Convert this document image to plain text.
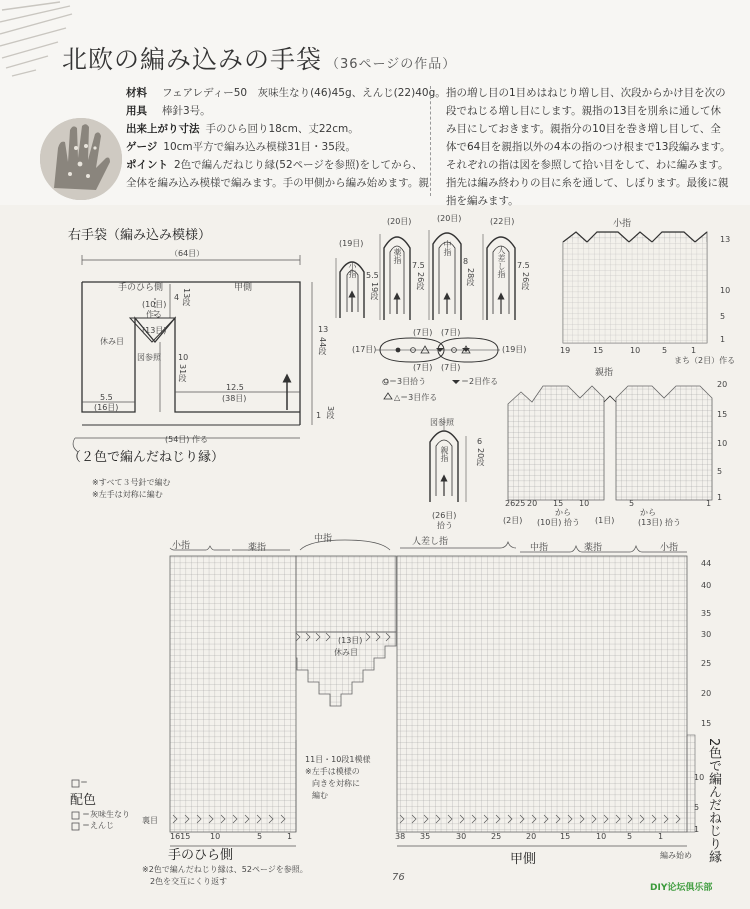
北欧の編み込みの手袋 （36ページの作品）
材料 フェアレディー50　灰味生なり(46)45g、えんじ(22)40g。
用具 棒針3号。
出来上がり寸法 手のひら回り18cm、丈22cm。
ゲージ 10cm平方で編み込み模様31目・35段。
ポイント 2色で編んだねじり縁(52ページを参照)をしてから、
全体を編み込み模様で編みます。手の甲側から編み始めます。親
指の増し目の1目めはねじり増し目、次段からかけ目を次の段でねじる増し目にします。親指の13目を別糸に通して休み目にしておきます。親指分の10目を巻き増し目して、全体で64目を親指以外の4本の指のつけ根まで13段編みます。それぞれの指は図を参照して拾い目をして、わに編みます。指先は編み終わりの目に糸を通して、しぼります。最後に親指を編みます。
右手袋（編み込み模様）
（64目）
手のひら側	甲側
(10目)
作る
4 13段
(13目)
休み目
図参照 10
31段
13
44段
5.5
(16目)
12.5
(38目)
1
3段
(54目) 作る
（２色で編んだねじり縁）
※すべて３号針で編む
※左手は対称に編む
(19目)
(20目)	(20目)	(22目)
小指
薬指	中指	人差し指
5.5
19段
7.5
26段
8
28段
7.5
26段
(7目) (7目)
(17目)	(19目)
(7目) (7目)
○＝3目拾う	＝2目作る
△＝3目作る
図参照
親指
6
20段
(26目)
拾う
小指
19	15	10	5	1
13
10
5
1
まち（2目）作る
親指
2625 20 15 10	5	1
20
15
10
5
1
から	から
(2目) (10目) 拾う (1目)	(13目) 拾う
小指	薬指
中指	人差し指
中指	薬指	小指
(13目)
休み目
44
40
35
30
25
20
15
10
5
1 2色で編んだねじり縁
編み始め
裏目
1615 10	5	1	38 35	30	25	20	15	10	5	1
11目・10段1模様
※左手は模様の
向きを対称に
編む
手のひら側	甲側
※2色で編んだねじり縁は、52ページを参照。
2色を交互にくり返す
＝
配色
＝灰味生なり
＝えんじ
76
DIY论坛俱乐部
